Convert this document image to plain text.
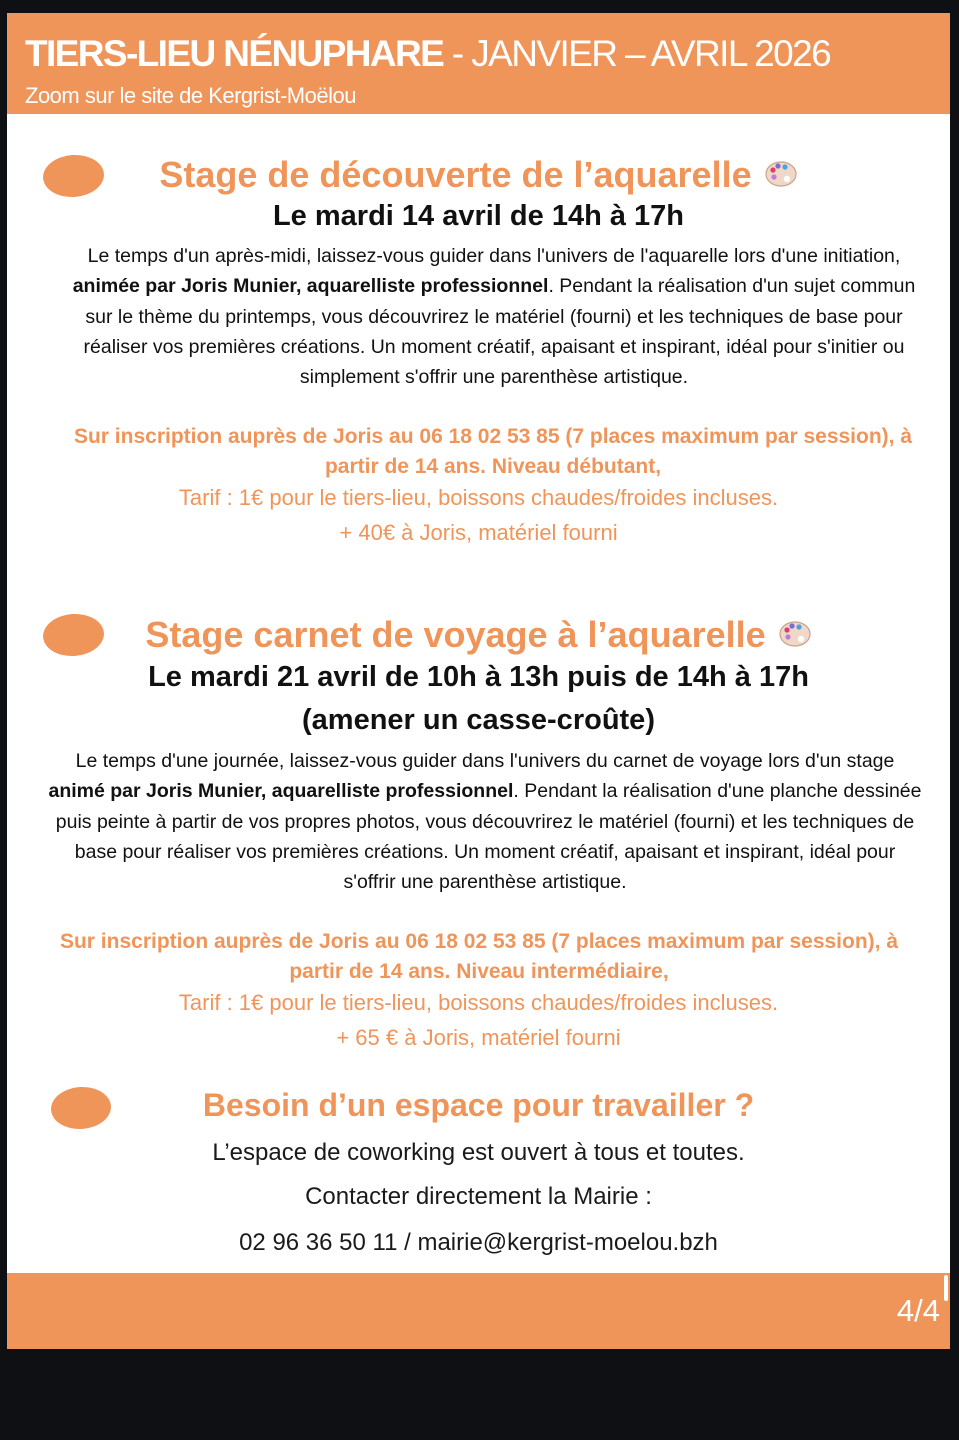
TIERS-LIEU NÉNUPHARE - JANVIER – AVRIL 2026
Zoom sur le site de Kergrist-Moëlou
Stage de découverte de l’aquarelle
Le mardi 14 avril de 14h à 17h
Le temps d'un après-midi, laissez-vous guider dans l'univers de l'aquarelle lors d'une initiation, animée par Joris Munier, aquarelliste professionnel. Pendant la réalisation d'un sujet commun sur le thème du printemps, vous découvrirez le matériel (fourni) et les techniques de base pour réaliser vos premières créations. Un moment créatif, apaisant et inspirant, idéal pour s'initier ou simplement s'offrir une parenthèse artistique.
Sur inscription auprès de Joris au 06 18 02 53 85 (7 places maximum par session), à partir de 14 ans. Niveau débutant,
Tarif : 1€ pour le tiers-lieu, boissons chaudes/froides incluses.
+ 40€ à Joris, matériel fourni
Stage carnet de voyage à l’aquarelle
Le mardi 21 avril de 10h à 13h puis de 14h à 17h
(amener un casse-croûte)
Le temps d'une journée, laissez-vous guider dans l'univers du carnet de voyage lors d'un stage animé par Joris Munier, aquarelliste professionnel. Pendant la réalisation d'une planche dessinée puis peinte à partir de vos propres photos, vous découvrirez le matériel (fourni) et les techniques de base pour réaliser vos premières créations. Un moment créatif, apaisant et inspirant, idéal pour s'offrir une parenthèse artistique.
Sur inscription auprès de Joris au 06 18 02 53 85 (7 places maximum par session), à partir de 14 ans. Niveau intermédiaire,
Tarif : 1€ pour le tiers-lieu, boissons chaudes/froides incluses.
+ 65 € à Joris, matériel fourni
Besoin d’un espace pour travailler ?
L’espace de coworking est ouvert à tous et toutes.
Contacter directement la Mairie :
02 96 36 50 11 / mairie@kergrist-moelou.bzh
4/4
